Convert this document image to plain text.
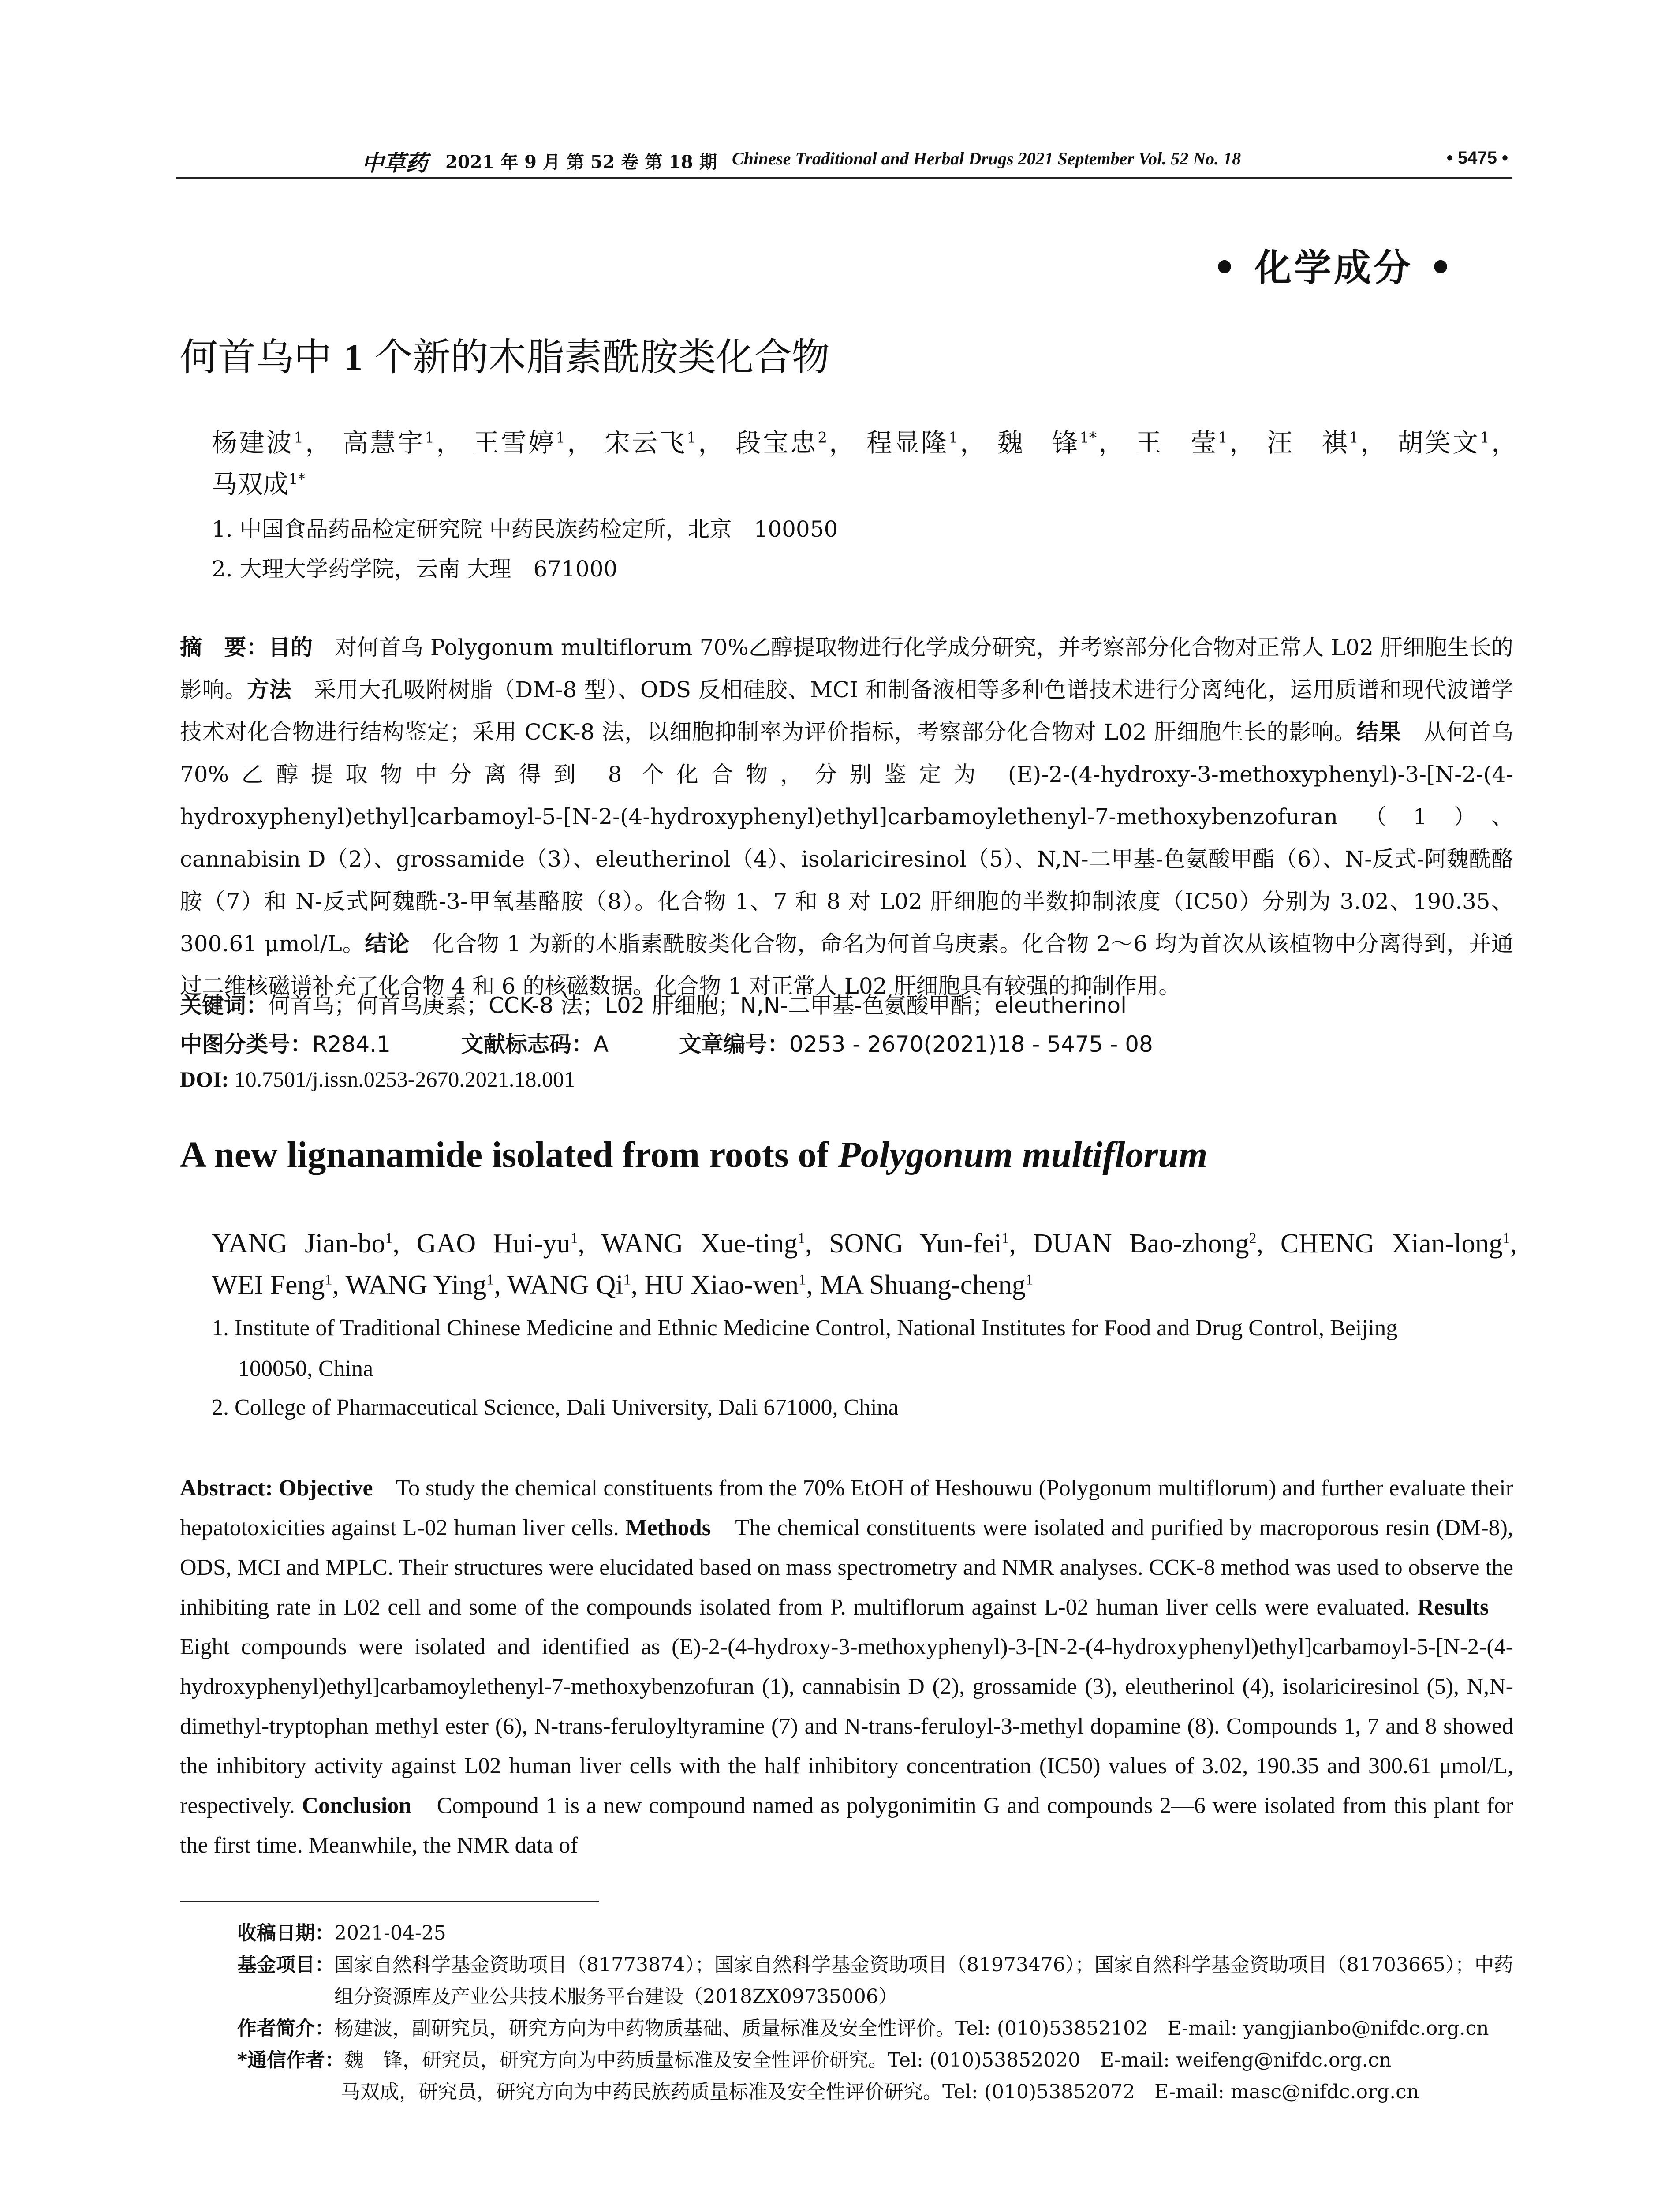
中草药 2021 年 9 月 第 52 卷 第 18 期 Chinese Traditional and Herbal Drugs 2021 September Vol. 52 No. 18	• 5475 •
• 化学成分 •
何首乌中 1 个新的木脂素酰胺类化合物
杨建波$^1$， 高慧宇$^1$， 王雪婷$^1$， 宋云飞$^1$， 段宝忠$^2$， 程显隆$^1$， 魏　锋$^{1*}$， 王　莹$^1$， 汪　祺$^1$， 胡笑文$^1$，
马双成$^{1*}$
1. 中国食品药品检定研究院 中药民族药检定所，北京　100050
2. 大理大学药学院，云南 大理　671000
摘　要：目的　对何首乌 Polygonum multiflorum 70%乙醇提取物进行化学成分研究，并考察部分化合物对正常人 L02 肝细胞生长的影响。方法　采用大孔吸附树脂（DM-8 型）、ODS 反相硅胶、MCI 和制备液相等多种色谱技术进行分离纯化，运用质谱和现代波谱学技术对化合物进行结构鉴定；采用 CCK-8 法，以细胞抑制率为评价指标，考察部分化合物对 L02 肝细胞生长的影响。结果　从何首乌 70%乙醇提取物中分离得到 8 个化合物，分别鉴定为 (E)-2-(4-hydroxy-3-methoxyphenyl)-3-[N-2-(4-hydroxyphenyl)ethyl]carbamoyl-5-[N-2-(4-hydroxyphenyl)ethyl]carbamoylethenyl-7-methoxybenzofuran（1）、cannabisin D（2）、grossamide（3）、eleutherinol（4）、isolariciresinol（5）、N,N-二甲基-色氨酸甲酯（6）、N-反式-阿魏酰酪胺（7）和 N-反式阿魏酰-3-甲氧基酪胺（8）。化合物 1、7 和 8 对 L02 肝细胞的半数抑制浓度（IC50）分别为 3.02、190.35、300.61 μmol/L。结论　化合物 1 为新的木脂素酰胺类化合物，命名为何首乌庚素。化合物 2～6 均为首次从该植物中分离得到，并通过二维核磁谱补充了化合物 4 和 6 的核磁数据。化合物 1 对正常人 L02 肝细胞具有较强的抑制作用。
关键词：何首乌；何首乌庚素；CCK-8 法；L02 肝细胞；N,N-二甲基-色氨酸甲酯；eleutherinol
中图分类号：R284.1	文献标志码：A	文章编号：0253 - 2670(2021)18 - 5475 - 08
DOI: 10.7501/j.issn.0253-2670.2021.18.001
A new lignanamide isolated from roots of Polygonum multiflorum
YANG Jian-$bo^1$, GAO Hui-$yu^1$, WANG Xue-ting$^1$, SONG Yun-fei$^1$, DUAN Bao-zhong$^2$, CHENG Xian-long$^1$,
WEI Feng$^1$, WANG Ying$^1$, WANG Qi$^1$, HU Xiao-wen$^1$, MA Shuang-cheng$^1$
1. Institute of Traditional Chinese Medicine and Ethnic Medicine Control, National Institutes for Food and Drug Control, Beijing
100050, China
2. College of Pharmaceutical Science, Dali University, Dali 671000, China
Abstract: Objective　To study the chemical constituents from the 70% EtOH of Heshouwu (Polygonum multiflorum) and further evaluate their hepatotoxicities against L-02 human liver cells. Methods　The chemical constituents were isolated and purified by macroporous resin (DM-8), ODS, MCI and MPLC. Their structures were elucidated based on mass spectrometry and NMR analyses. CCK-8 method was used to observe the inhibiting rate in L02 cell and some of the compounds isolated from P. multiflorum against L-02 human liver cells were evaluated. Results　Eight compounds were isolated and identified as (E)-2-(4-hydroxy-3-methoxyphenyl)-3-[N-2-(4-hydroxyphenyl)ethyl]carbamoyl-5-[N-2-(4-hydroxyphenyl)ethyl]carbamoylethenyl-7-methoxybenzofuran (1), cannabisin D (2), grossamide (3), eleutherinol (4), isolariciresinol (5), N,N-dimethyl-tryptophan methyl ester (6), N-trans-feruloyltyramine (7) and N-trans-feruloyl-3-methyl dopamine (8). Compounds 1, 7 and 8 showed the inhibitory activity against L02 human liver cells with the half inhibitory concentration (IC50) values of 3.02, 190.35 and 300.61 μmol/L, respectively. Conclusion　Compound 1 is a new compound named as polygonimitin G and compounds 2—6 were isolated from this plant for the first time. Meanwhile, the NMR data of
收稿日期： 2021-04-25
基金项目： 国家自然科学基金资助项目（81773874）；国家自然科学基金资助项目（81973476）；国家自然科学基金资助项目（81703665）；中药组分资源库及产业公共技术服务平台建设（2018ZX09735006）
作者简介： 杨建波，副研究员，研究方向为中药物质基础、质量标准及安全性评价。Tel: (010)53852102　E-mail: yangjianbo@nifdc.org.cn
*通信作者： 魏　锋，研究员，研究方向为中药质量标准及安全性评价研究。Tel: (010)53852020　E-mail: weifeng@nifdc.org.cn
马双成，研究员，研究方向为中药民族药质量标准及安全性评价研究。Tel: (010)53852072　E-mail: masc@nifdc.org.cn
